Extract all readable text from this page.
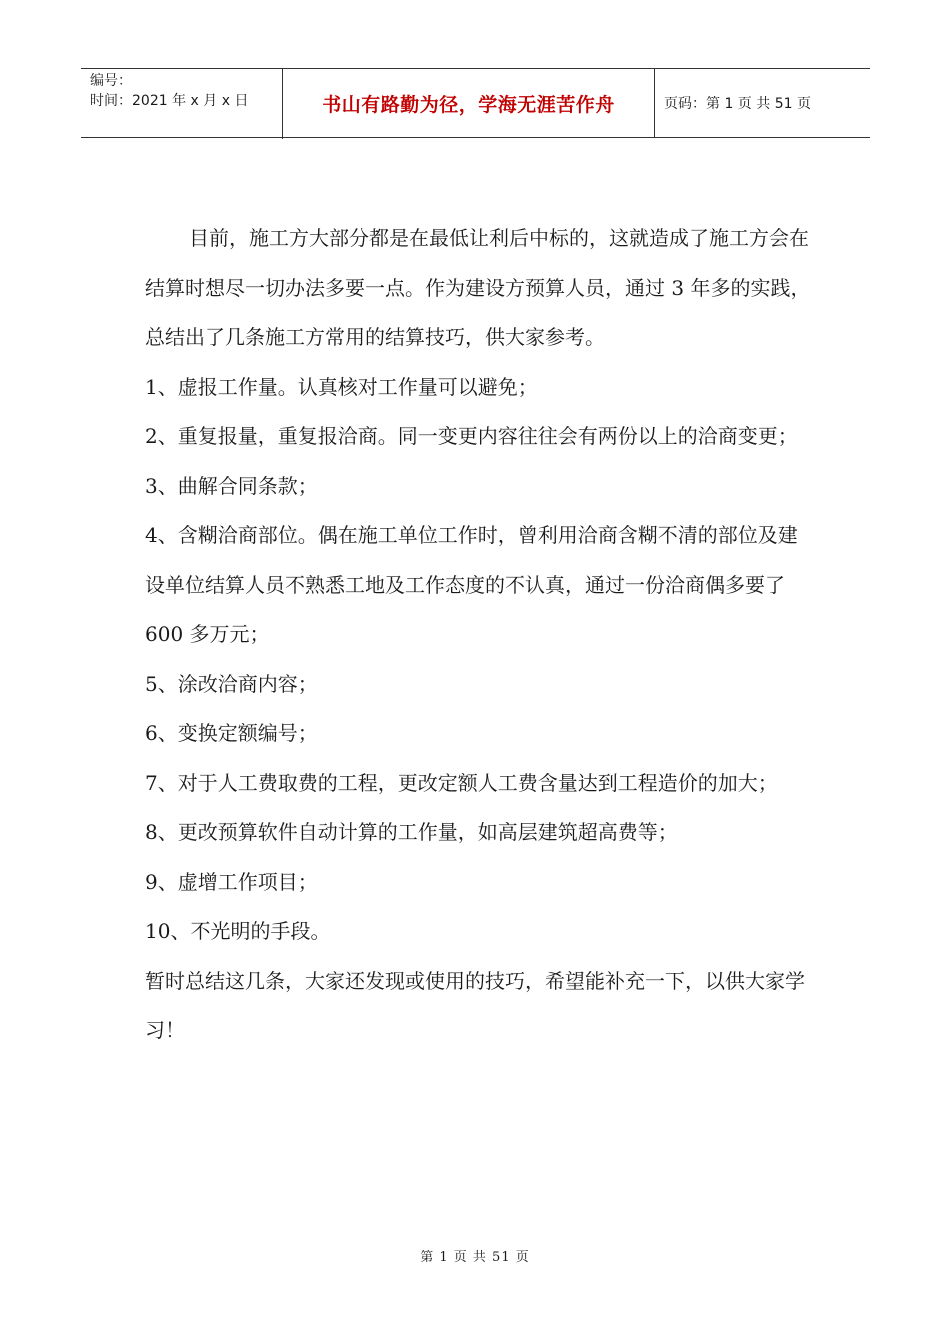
编号：
时间：2021 年 x 月 x 日	书山有路勤为径，学海无涯苦作舟	页码：第 1 页 共 51 页

目前，施工方大部分都是在最低让利后中标的，这就造成了施工方会在结算时想尽一切办法多要一点。作为建设方预算人员，通过 3 年多的实践，总结出了几条施工方常用的结算技巧，供大家参考。

1、虚报工作量。认真核对工作量可以避免；

2、重复报量，重复报洽商。同一变更内容往往会有两份以上的洽商变更；

3、曲解合同条款；

4、含糊洽商部位。偶在施工单位工作时，曾利用洽商含糊不清的部位及建设单位结算人员不熟悉工地及工作态度的不认真，通过一份洽商偶多要了 600 多万元；

5、涂改洽商内容；

6、变换定额编号；

7、对于人工费取费的工程，更改定额人工费含量达到工程造价的加大；

8、更改预算软件自动计算的工作量，如高层建筑超高费等；

9、虚增工作项目；

10、不光明的手段。

暂时总结这几条，大家还发现或使用的技巧，希望能补充一下，以供大家学习！

第 1 页 共 51 页
